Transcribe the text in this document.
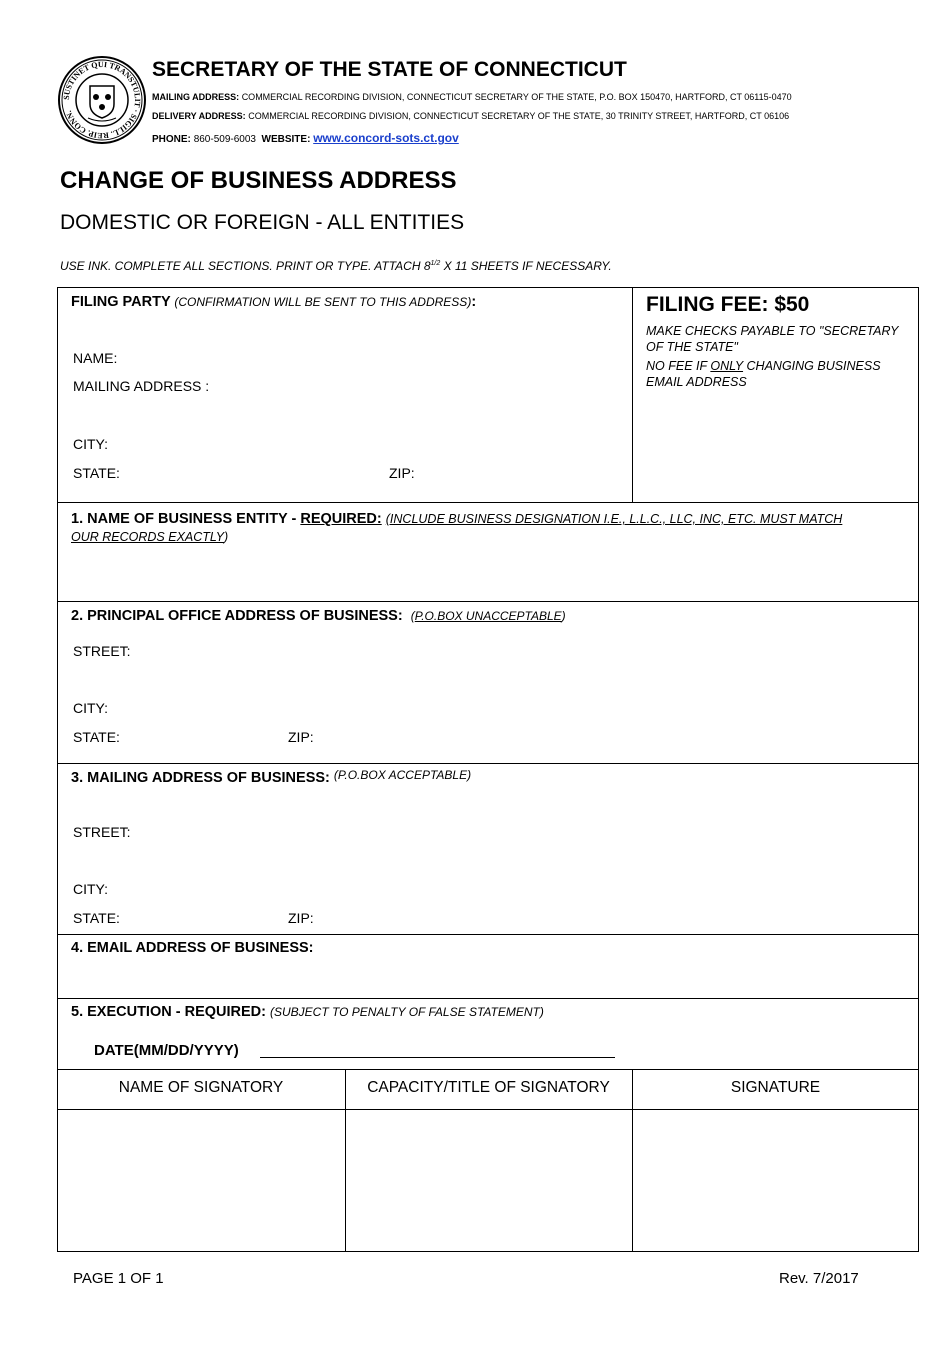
SUSTINET QUI TRANSTULIT · SIGILL. REIP. CONN.
SECRETARY OF THE STATE OF CONNECTICUT
MAILING ADDRESS: COMMERCIAL RECORDING DIVISION, CONNECTICUT SECRETARY OF THE STATE, P.O. BOX 150470, HARTFORD, CT 06115-0470
DELIVERY ADDRESS: COMMERCIAL RECORDING DIVISION, CONNECTICUT SECRETARY OF THE STATE, 30 TRINITY STREET, HARTFORD, CT 06106
PHONE: 860-509-6003 WEBSITE: www.concord-sots.ct.gov
CHANGE OF BUSINESS ADDRESS
DOMESTIC OR FOREIGN - ALL ENTITIES
USE INK. COMPLETE ALL SECTIONS. PRINT OR TYPE. ATTACH $8^{1/2}$ X 11 SHEETS IF NECESSARY.
FILING PARTY (CONFIRMATION WILL BE SENT TO THIS ADDRESS):
NAME:
MAILING ADDRESS :
CITY:
STATE:	ZIP:
FILING FEE: $50
MAKE CHECKS PAYABLE TO "SECRETARY OF THE STATE"
NO FEE IF ONLY CHANGING BUSINESS EMAIL ADDRESS
1. NAME OF BUSINESS ENTITY - REQUIRED: (INCLUDE BUSINESS DESIGNATION I.E., L.L.C., LLC, INC, ETC. MUST MATCH
OUR RECORDS EXACTLY)
2. PRINCIPAL OFFICE ADDRESS OF BUSINESS: (P.O.BOX UNACCEPTABLE)
STREET:
CITY:
STATE:	ZIP:
3. MAILING ADDRESS OF BUSINESS: $^{(P.O.BOX ACCEPTABLE)}$
STREET:
CITY:
STATE:	ZIP:
4. EMAIL ADDRESS OF BUSINESS:
5. EXECUTION - REQUIRED: (SUBJECT TO PENALTY OF FALSE STATEMENT)
DATE(MM/DD/YYYY)
NAME OF SIGNATORY	CAPACITY/TITLE OF SIGNATORY	SIGNATURE
PAGE 1 OF 1	Rev. 7/2017
